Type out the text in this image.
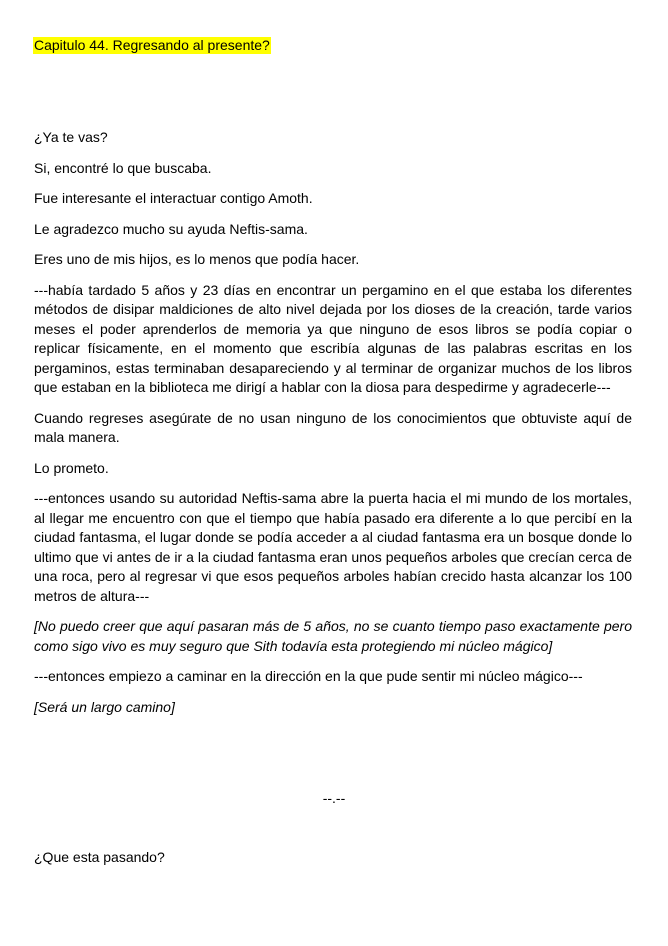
Capitulo 44. Regresando al presente?

¿Ya te vas?

Si, encontré lo que buscaba.

Fue interesante el interactuar contigo Amoth.

Le agradezco mucho su ayuda Neftis-sama.

Eres uno de mis hijos, es lo menos que podía hacer.

---había tardado 5 años y 23 días en encontrar un pergamino en el que estaba los diferentes métodos de disipar maldiciones de alto nivel dejada por los dioses de la creación, tarde varios meses el poder aprenderlos de memoria ya que ninguno de esos libros se podía copiar o replicar físicamente, en el momento que escribía algunas de las palabras escritas en los pergaminos, estas terminaban desapareciendo y al terminar de organizar muchos de los libros que estaban en la biblioteca me dirigí a hablar con la diosa para despedirme y agradecerle---

Cuando regreses asegúrate de no usan ninguno de los conocimientos que obtuviste aquí de mala manera.

Lo prometo.

---entonces usando su autoridad Neftis-sama abre la puerta hacia el mi mundo de los mortales, al llegar me encuentro con que el tiempo que había pasado era diferente a lo que percibí en la ciudad fantasma, el lugar donde se podía acceder a al ciudad fantasma era un bosque donde lo ultimo que vi antes de ir a la ciudad fantasma eran unos pequeños arboles que crecían cerca de una roca, pero al regresar vi que esos pequeños arboles habían crecido hasta alcanzar los 100 metros de altura---

[No puedo creer que aquí pasaran más de 5 años, no se cuanto tiempo paso exactamente pero como sigo vivo es muy seguro que Sith todavía esta protegiendo mi núcleo mágico]

---entonces empiezo a caminar en la dirección en la que pude sentir mi núcleo mágico---

[Será un largo camino]

--.--
¿Que esta pasando?
